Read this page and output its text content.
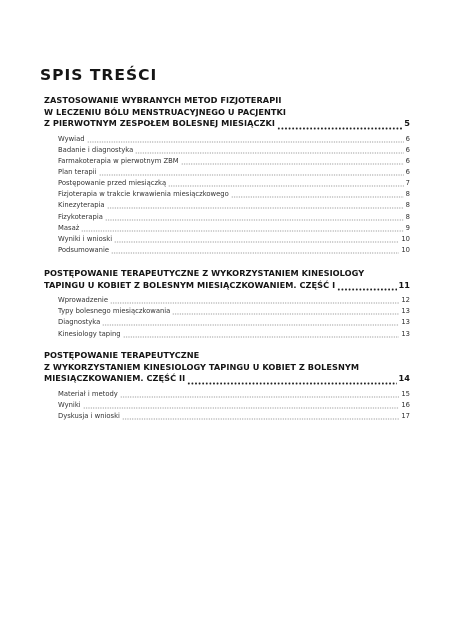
SPIS TREŚCI
ZASTOSOWANIE WYBRANYCH METOD FIZJOTERAPII
W LECZENIU BÓLU MENSTRUACYJNEGO U PACJENTKI
Z PIERWOTNYM ZESPOŁEM BOLESNEJ MIESIĄCZKI	5
Wywiad	6
Badanie i diagnostyka	6
Farmakoterapia w pierwotnym ZBM	6
Plan terapii	6
Postępowanie przed miesiączką	7
Fizjoterapia w trakcie krwawienia miesiączkowego	8
Kinezyterapia	8
Fizykoterapia	8
Masaż	9
Wyniki i wnioski	10
Podsumowanie	10
POSTĘPOWANIE TERAPEUTYCZNE Z WYKORZYSTANIEM KINESIOLOGY
TAPINGU U KOBIET Z BOLESNYM MIESIĄCZKOWANIEM. CZĘŚĆ I	11
Wprowadzenie	12
Typy bolesnego miesiączkowania	13
Diagnostyka	13
Kinesiology taping	13
POSTĘPOWANIE TERAPEUTYCZNE
Z WYKORZYSTANIEM KINESIOLOGY TAPINGU U KOBIET Z BOLESNYM
MIESIĄCZKOWANIEM. CZĘŚĆ II	14
Materiał i metody	15
Wyniki	16
Dyskusja i wnioski	17
